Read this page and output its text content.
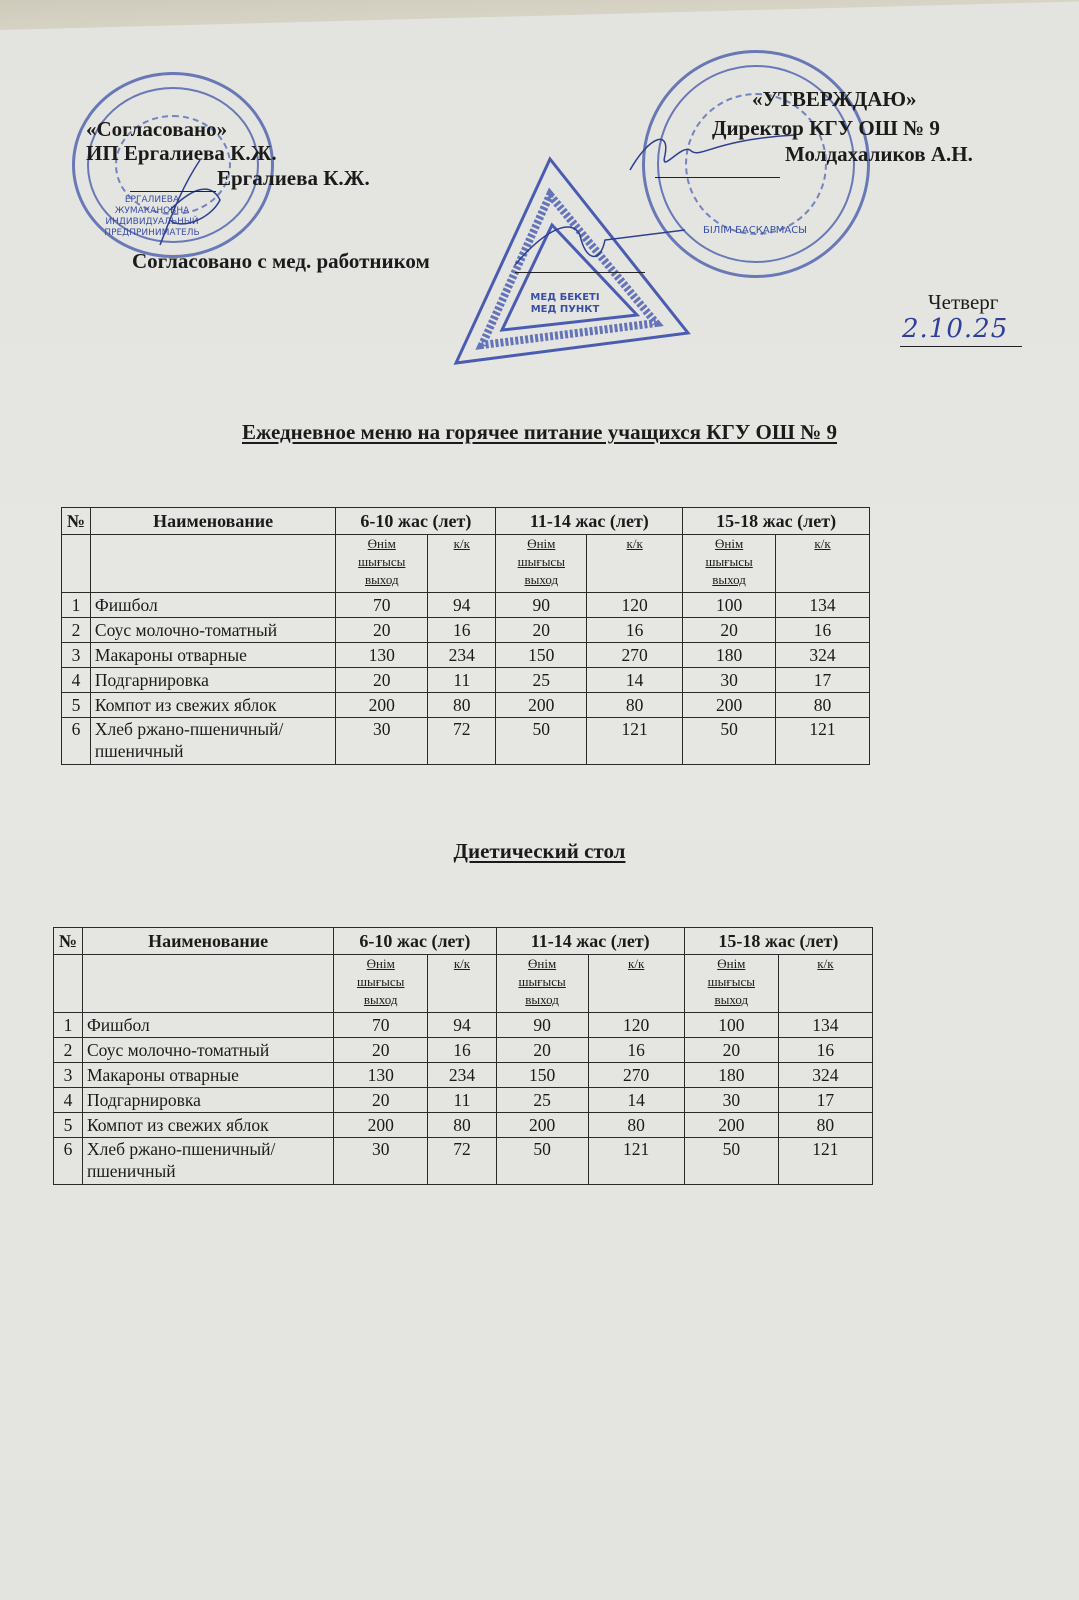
ЕРГАЛИЕВА ЖУМАКАНОВНА ИНДИВИДУАЛЬНЫЙ ПРЕДПРИНИМАТЕЛЬ	БІЛІМ БАСҚАРМАСЫ
МЕД БЕКЕТІ
МЕД ПУНКТ
«Согласовано»
ИП Ергалиева К.Ж.
Ергалиева К.Ж.
Согласовано с мед. работником
«УТВЕРЖДАЮ»
Директор КГУ ОШ № 9
Молдахаликов А.Н.
Четверг
2.10.25
Ежедневное меню на горячее питание учащихся КГУ ОШ № 9
№	Наименование	6-10 жас (лет)		11-14 жас (лет)		15-18 жас (лет)	
		Өнім
шығысы
выход	к/к	Өнім
шығысы
выход	к/к	Өнім
шығысы
выход	к/к
1	Фишбол	70	94	90	120	100	134
2	Соус молочно-томатный	20	16	20	16	20	16
3	Макароны отварные	130	234	150	270	180	324
4	Подгарнировка	20	11	25	14	30	17
5	Компот из свежих яблок	200	80	200	80	200	80
6	Хлеб ржано-пшеничный/пшеничный	30	72	50	121	50	121
Диетический стол
№	Наименование	6-10 жас (лет)		11-14 жас (лет)		15-18 жас (лет)	
		Өнім
шығысы
выход	к/к	Өнім
шығысы
выход	к/к	Өнім
шығысы
выход	к/к
1	Фишбол	70	94	90	120	100	134
2	Соус молочно-томатный	20	16	20	16	20	16
3	Макароны отварные	130	234	150	270	180	324
4	Подгарнировка	20	11	25	14	30	17
5	Компот из свежих яблок	200	80	200	80	200	80
6	Хлеб ржано-пшеничный/пшеничный	30	72	50	121	50	121
